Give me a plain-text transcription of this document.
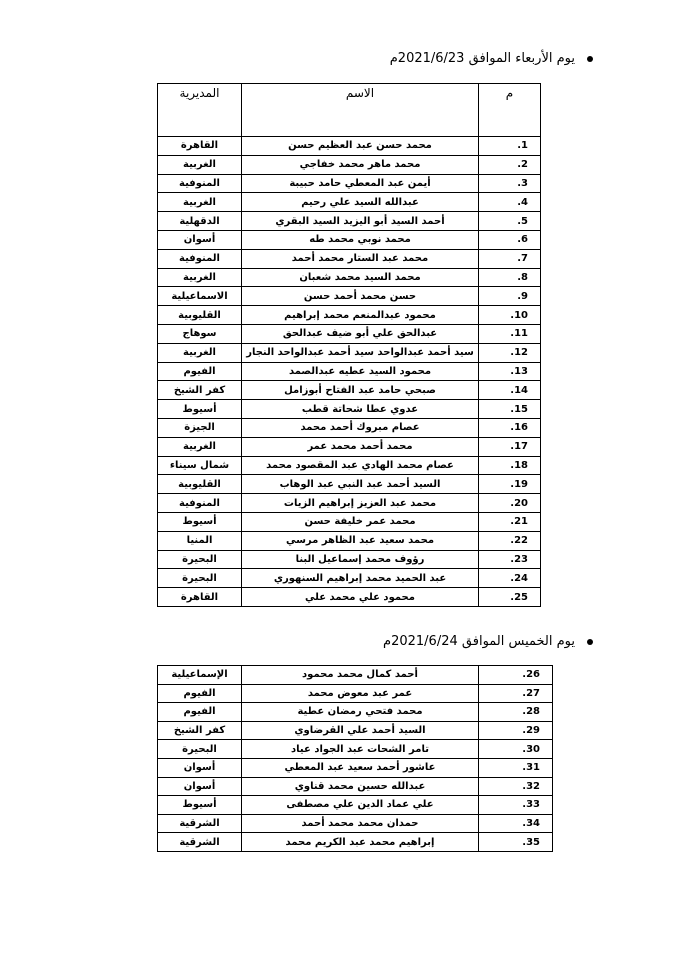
يوم الأربعاء الموافق 2021/6/23م
م	الاسم	المديرية
1.	محمد حسن عبد العظيم حسن	القاهرة
2.	محمد ماهر محمد خفاجي	الغربية
3.	أيمن عبد المعطي حامد حبيبة	المنوفية
4.	عبدالله السيد علي رحيم	الغربية
5.	أحمد السيد أبو اليزيد السيد البقري	الدقهلية
6.	محمد نوبي محمد طه	أسوان
7.	محمد عبد الستار محمد أحمد	المنوفية
8.	محمد السيد محمد شعبان	الغربية
9.	حسن محمد أحمد حسن	الاسماعيلية
10.	محمود عبدالمنعم محمد إبراهيم	القليوبية
11.	عبدالحق علي أبو ضيف عبدالحق	سوهاج
12.	سيد أحمد عبدالواحد سيد أحمد عبدالواحد النجار	الغربية
13.	محمود السيد عطيه عبدالصمد	الفيوم
14.	صبحي حامد عبد الفتاح أبوزامل	كفر الشيخ
15.	عدوي عطا شحاتة قطب	أسيوط
16.	عصام مبروك أحمد محمد	الجيزة
17.	محمد أحمد محمد عمر	الغربية
18.	عصام محمد الهادي عبد المقصود محمد	شمال سيناء
19.	السيد أحمد عبد النبي عبد الوهاب	القليوبية
20.	محمد عبد العزيز إبراهيم الزيات	المنوفية
21.	محمد عمر خليفة حسن	أسيوط
22.	محمد سعيد عبد الظاهر مرسي	المنيا
23.	رؤوف محمد إسماعيل البنا	البحيرة
24.	عبد الحميد محمد إبراهيم السنهوري	البحيرة
25.	محمود علي محمد علي	القاهرة
يوم الخميس الموافق 2021/6/24م
26.	أحمد كمال محمد محمود	الإسماعيلية
27.	عمر عبد معوض محمد	الفيوم
28.	محمد فتحي رمضان عطية	الفيوم
29.	السيد أحمد علي القرضاوي	كفر الشيخ
30.	تامر الشحات عبد الجواد عياد	البحيرة
31.	عاشور أحمد سعيد عبد المعطي	أسوان
32.	عبدالله حسين محمد قناوي	أسوان
33.	علي عماد الدين علي مصطفى	أسيوط
34.	حمدان محمد محمد أحمد	الشرقية
35.	إبراهيم محمد عبد الكريم محمد	الشرقية
